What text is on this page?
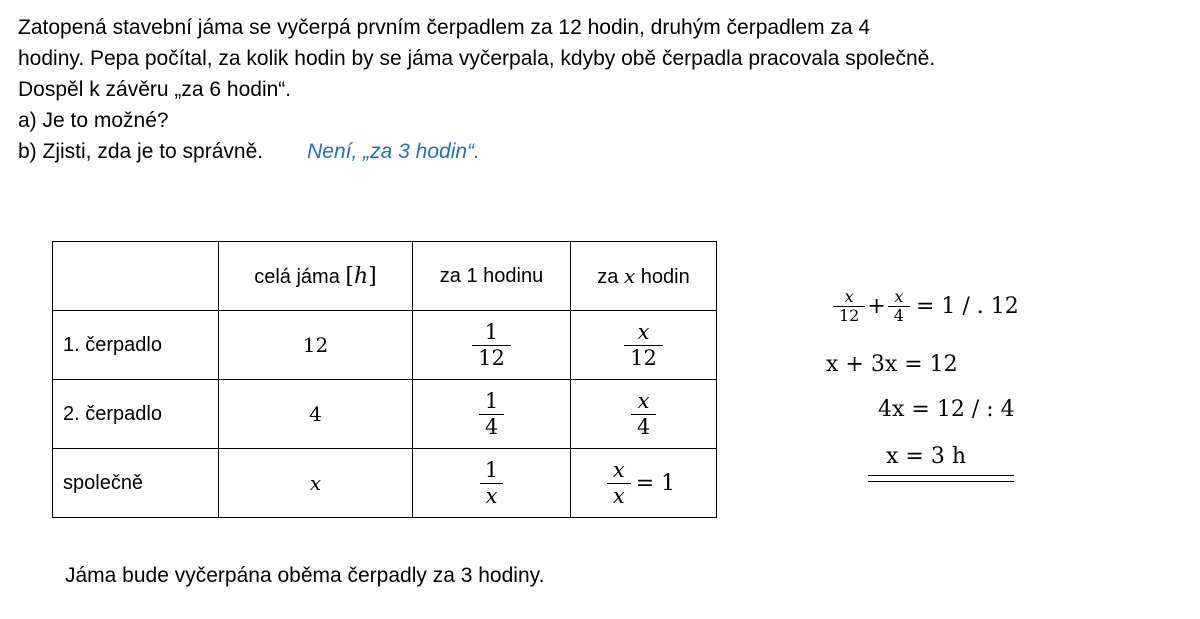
Zatopená stavební jáma se vyčerpá prvním čerpadlem za 12 hodin, druhým čerpadlem za 4

hodiny. Pepa počítal, za kolik hodin by se jáma vyčerpala, kdyby obě čerpadla pracovala společně.

Dospěl k závěru „za 6 hodin“.

a) Je to možné?

b) Zjisti, zda je to správně. Není, „za 3 hodin“.

	celá jáma [h]	za 1 hodinu	za x hodin
1. čerpadlo	12	$\frac{1}{12}$	$\frac{x}{12}$

2. čerpadlo	4	$\frac{1}{4}$	$\frac{x}{4}$

společně	x	$\frac{1}{x}$	$\frac{x}{x} = 1$
$\frac{x}{12} + \frac{x}{4} = 1$ / . 12
x + 3x = 12
4x = 12 / : 4
x = 3 h
Jáma bude vyčerpána oběma čerpadly za 3 hodiny.
